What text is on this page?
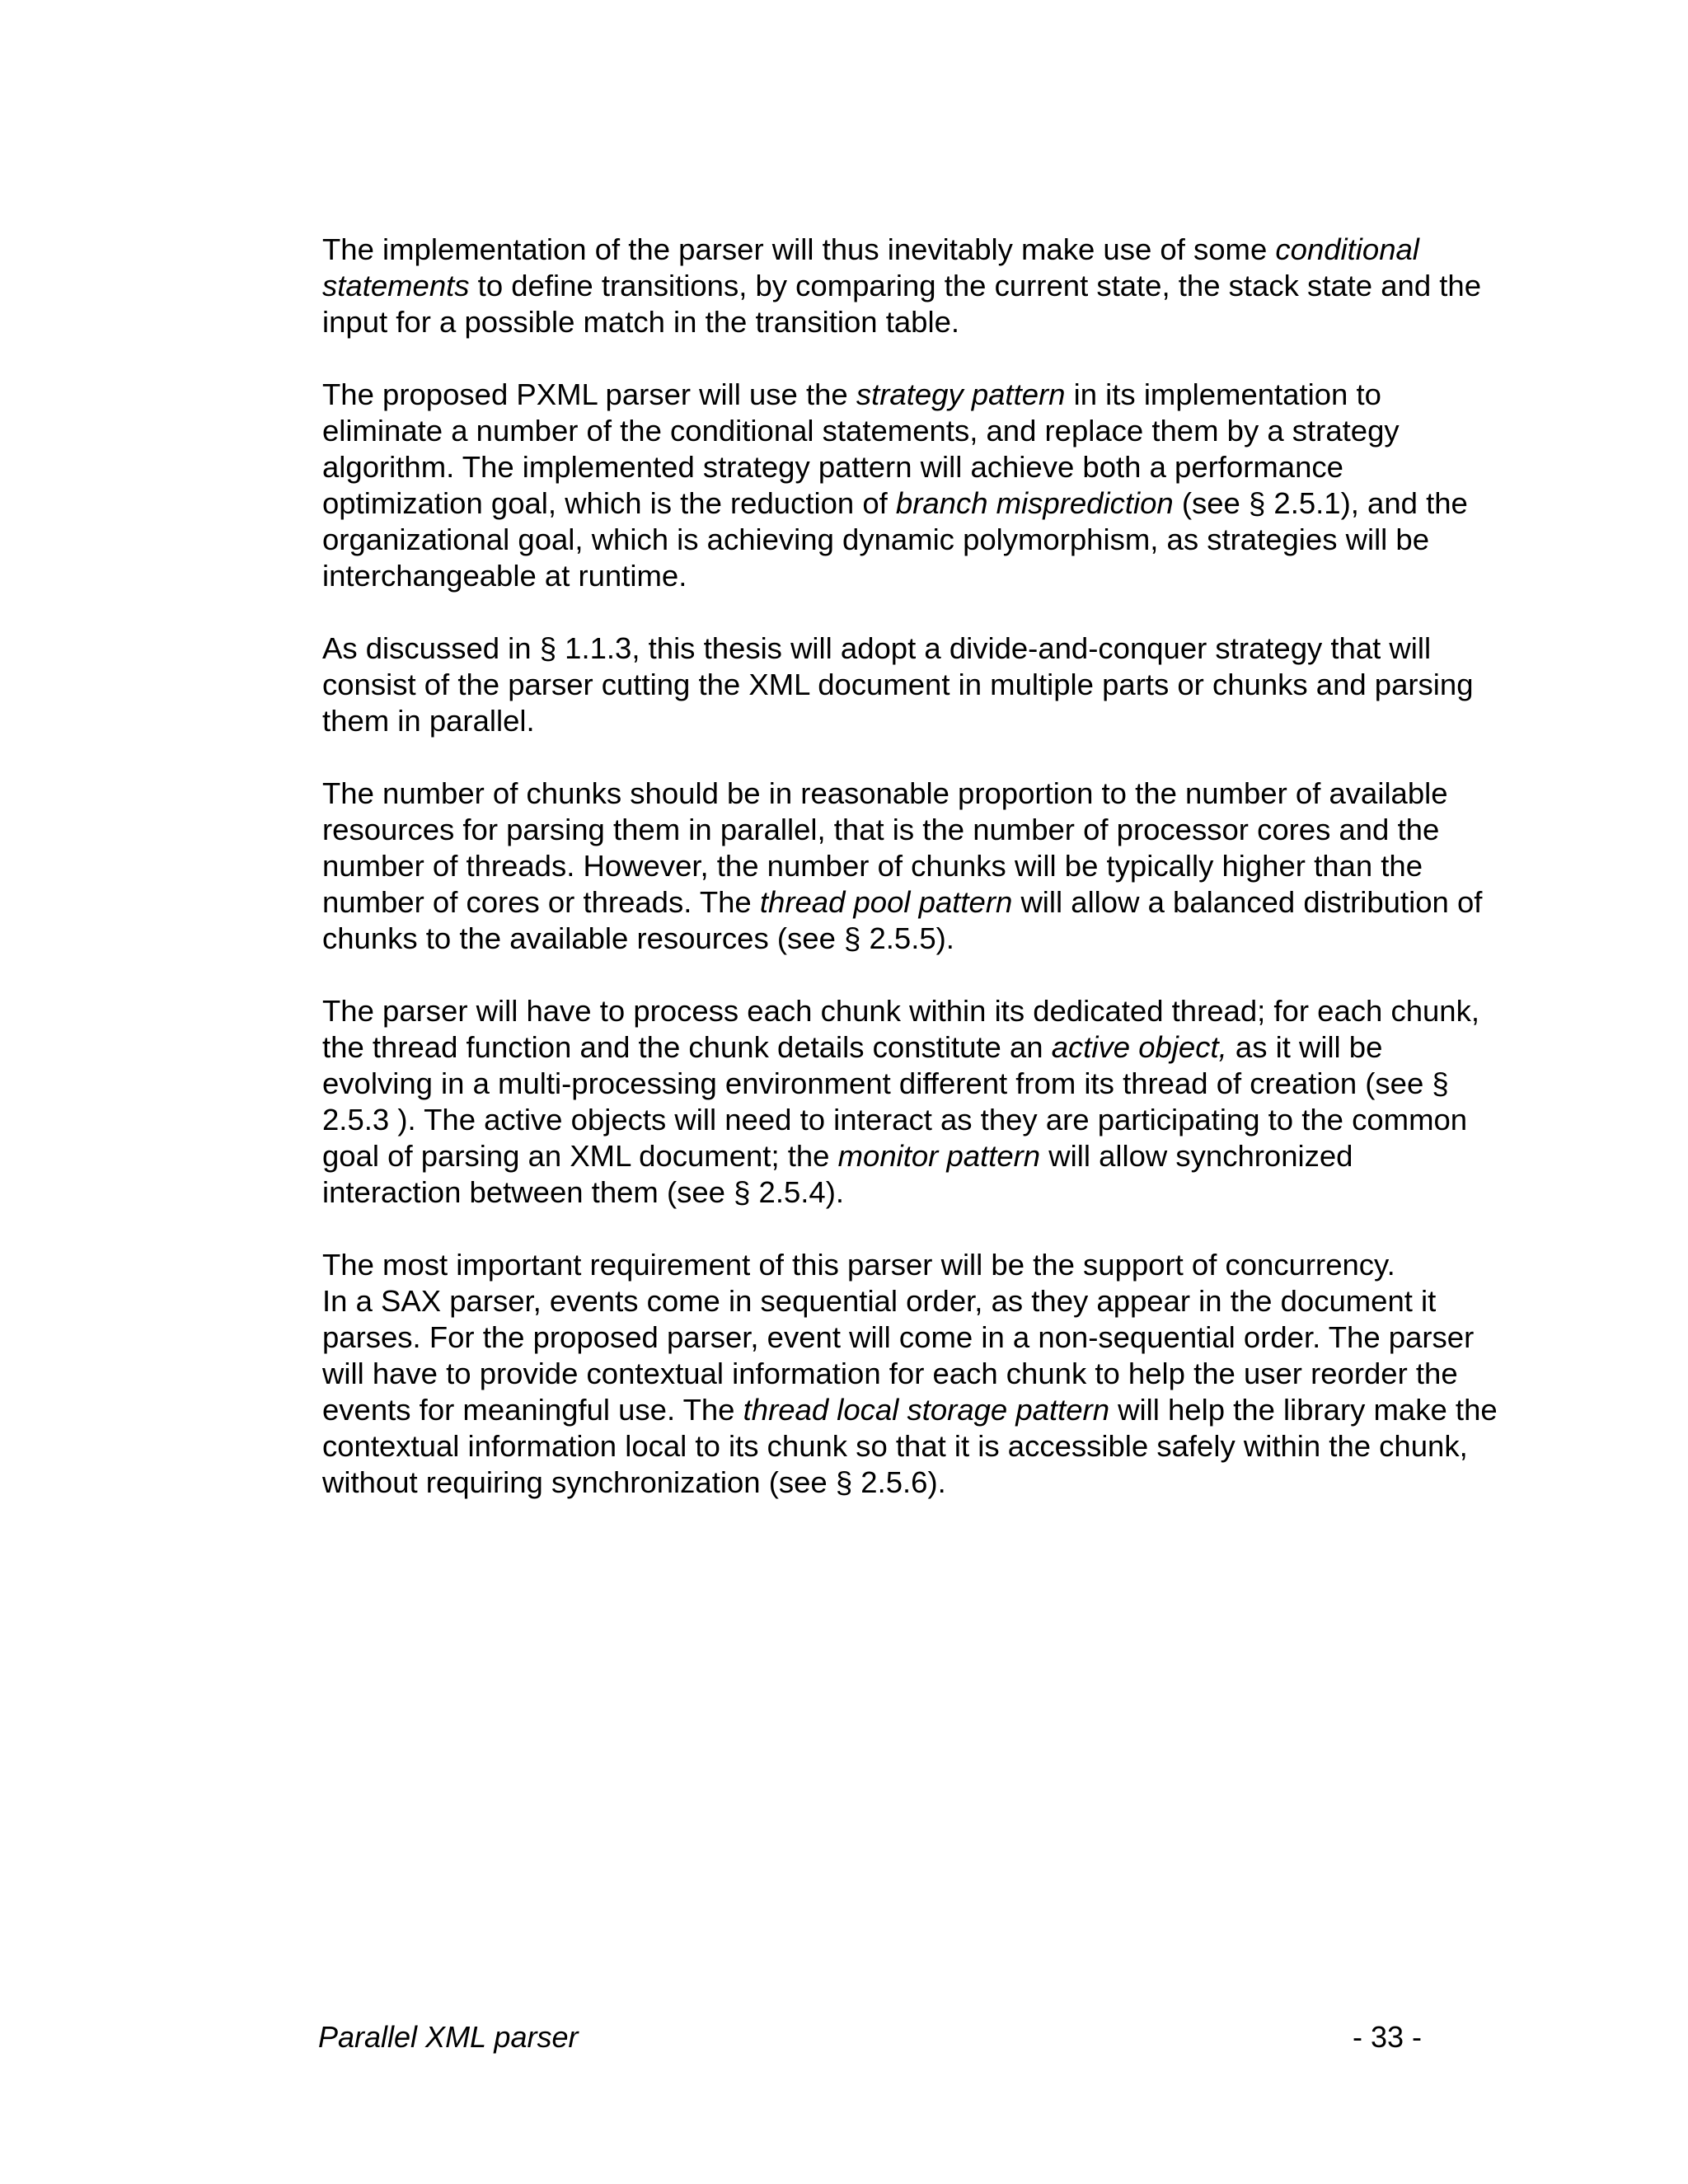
The implementation of the parser will thus inevitably make use of some conditional
statements to define transitions, by comparing the current state, the stack state and the
input for a possible match in the transition table.

The proposed PXML parser will use the strategy pattern in its implementation to
eliminate a number of the conditional statements, and replace them by a strategy
algorithm. The implemented strategy pattern will achieve both a performance
optimization goal, which is the reduction of branch misprediction (see § 2.5.1), and the
organizational goal, which is achieving dynamic polymorphism, as strategies will be
interchangeable at runtime.

As discussed in § 1.1.3, this thesis will adopt a divide-and-conquer strategy that will
consist of the parser cutting the XML document in multiple parts or chunks and parsing
them in parallel.

The number of chunks should be in reasonable proportion to the number of available
resources for parsing them in parallel, that is the number of processor cores and the
number of threads. However, the number of chunks will be typically higher than the
number of cores or threads. The thread pool pattern will allow a balanced distribution of
chunks to the available resources (see § 2.5.5).

The parser will have to process each chunk within its dedicated thread; for each chunk,
the thread function and the chunk details constitute an active object, as it will be
evolving in a multi-processing environment different from its thread of creation (see §
2.5.3 ). The active objects will need to interact as they are participating to the common
goal of parsing an XML document; the monitor pattern will allow synchronized
interaction between them (see § 2.5.4).

The most important requirement of this parser will be the support of concurrency.
In a SAX parser, events come in sequential order, as they appear in the document it
parses. For the proposed parser, event will come in a non-sequential order. The parser
will have to provide contextual information for each chunk to help the user reorder the
events for meaningful use. The thread local storage pattern will help the library make the
contextual information local to its chunk so that it is accessible safely within the chunk,
without requiring synchronization (see § 2.5.6).

Parallel XML parser	- 33 -
